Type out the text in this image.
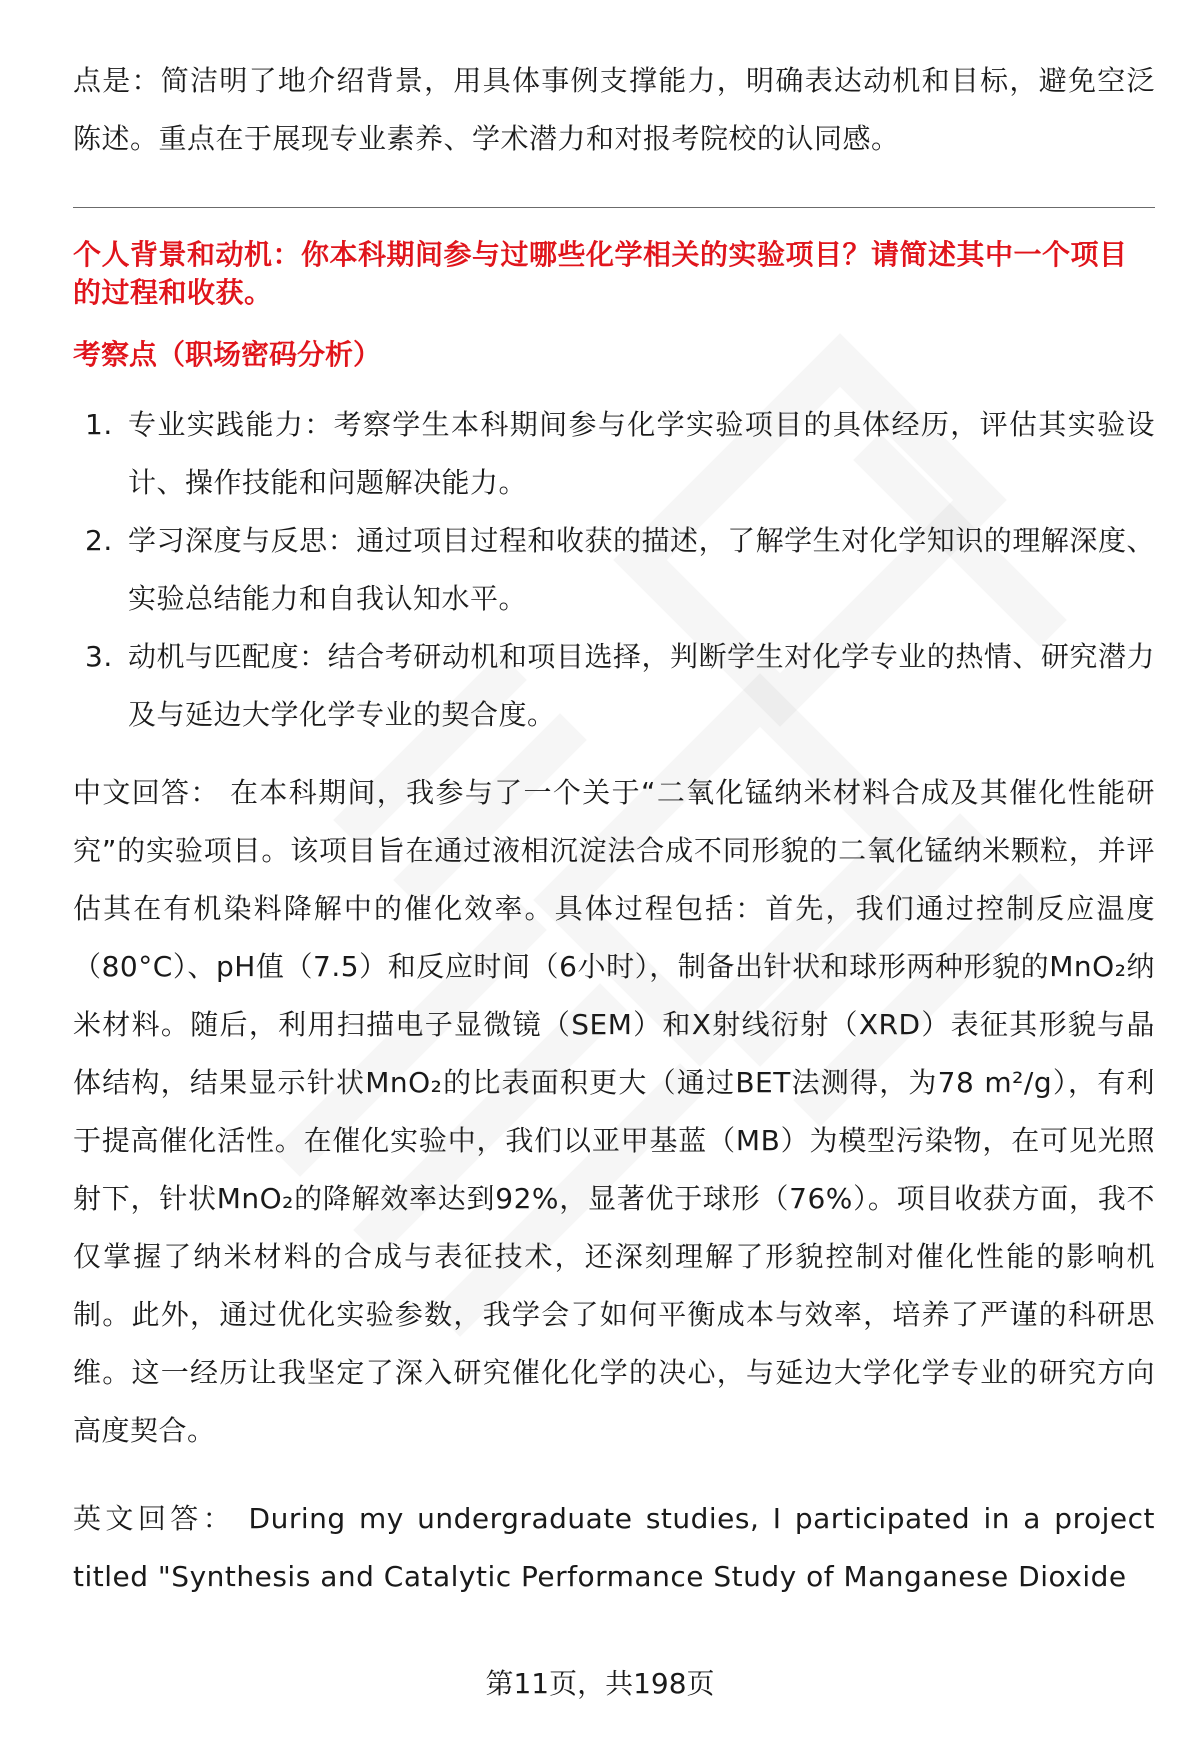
点是：简洁明了地介绍背景，用具体事例支撑能力，明确表达动机和目标，避免空泛陈述。重点在于展现专业素养、学术潜力和对报考院校的认同感。

个人背景和动机：你本科期间参与过哪些化学相关的实验项目？请简述其中一个项目的过程和收获。

考察点（职场密码分析）

1. 专业实践能力：考察学生本科期间参与化学实验项目的具体经历，评估其实验设计、操作技能和问题解决能力。
2. 学习深度与反思：通过项目过程和收获的描述，了解学生对化学知识的理解深度、实验总结能力和自我认知水平。
3. 动机与匹配度：结合考研动机和项目选择，判断学生对化学专业的热情、研究潜力及与延边大学化学专业的契合度。

中文回答： 在本科期间，我参与了一个关于“二氧化锰纳米材料合成及其催化性能研究”的实验项目。该项目旨在通过液相沉淀法合成不同形貌的二氧化锰纳米颗粒，并评估其在有机染料降解中的催化效率。具体过程包括：首先，我们通过控制反应温度（80°C）、pH值（7.5）和反应时间（6小时），制备出针状和球形两种形貌的MnO₂纳米材料。随后，利用扫描电子显微镜（SEM）和X射线衍射（XRD）表征其形貌与晶体结构，结果显示针状MnO₂的比表面积更大（通过BET法测得，为78 m²/g），有利于提高催化活性。在催化实验中，我们以亚甲基蓝（MB）为模型污染物，在可见光照射下，针状MnO₂的降解效率达到92%，显著优于球形（76%）。项目收获方面，我不仅掌握了纳米材料的合成与表征技术，还深刻理解了形貌控制对催化性能的影响机制。此外，通过优化实验参数，我学会了如何平衡成本与效率，培养了严谨的科研思维。这一经历让我坚定了深入研究催化化学的决心，与延边大学化学专业的研究方向高度契合。

英文回答： During my undergraduate studies, I participated in a project titled "Synthesis and Catalytic Performance Study of Manganese Dioxide

第11页，共198页
